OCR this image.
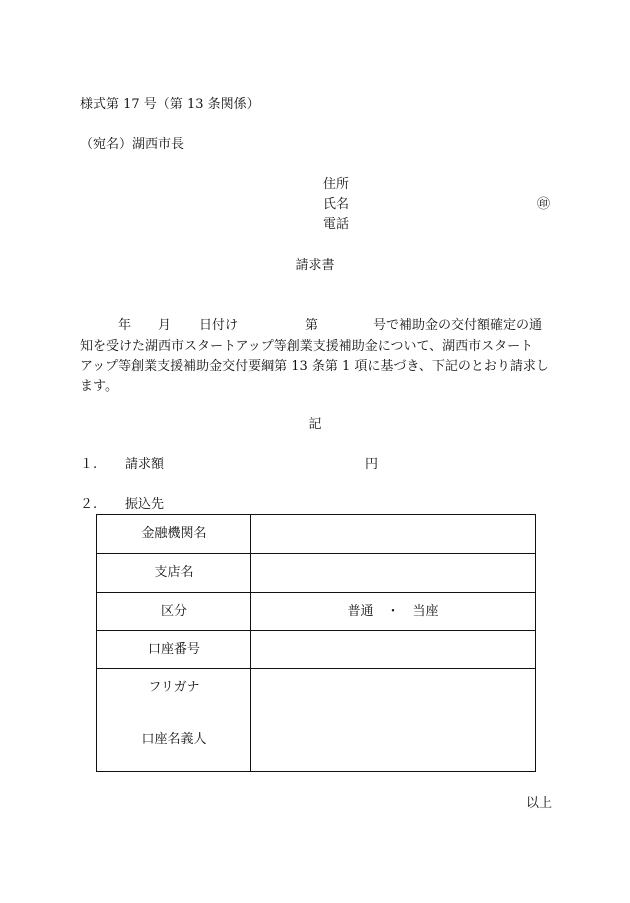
様式第 17 号（第 13 条関係）
（宛名）湖西市長
住所
氏名	㊞
電話
請求書
年 月 日付け	第	号で補助金の交付額確定の通
知を受けた湖西市スタートアップ等創業支援補助金について、湖西市スタート
アップ等創業支援補助金交付要綱第 13 条第 1 項に基づき、下記のとおり請求し
ます。
記
１. 請求額	円
２. 振込先
金融機関名
支店名
区分	普通　・　当座
口座番号
フリガナ
口座名義人
以上
